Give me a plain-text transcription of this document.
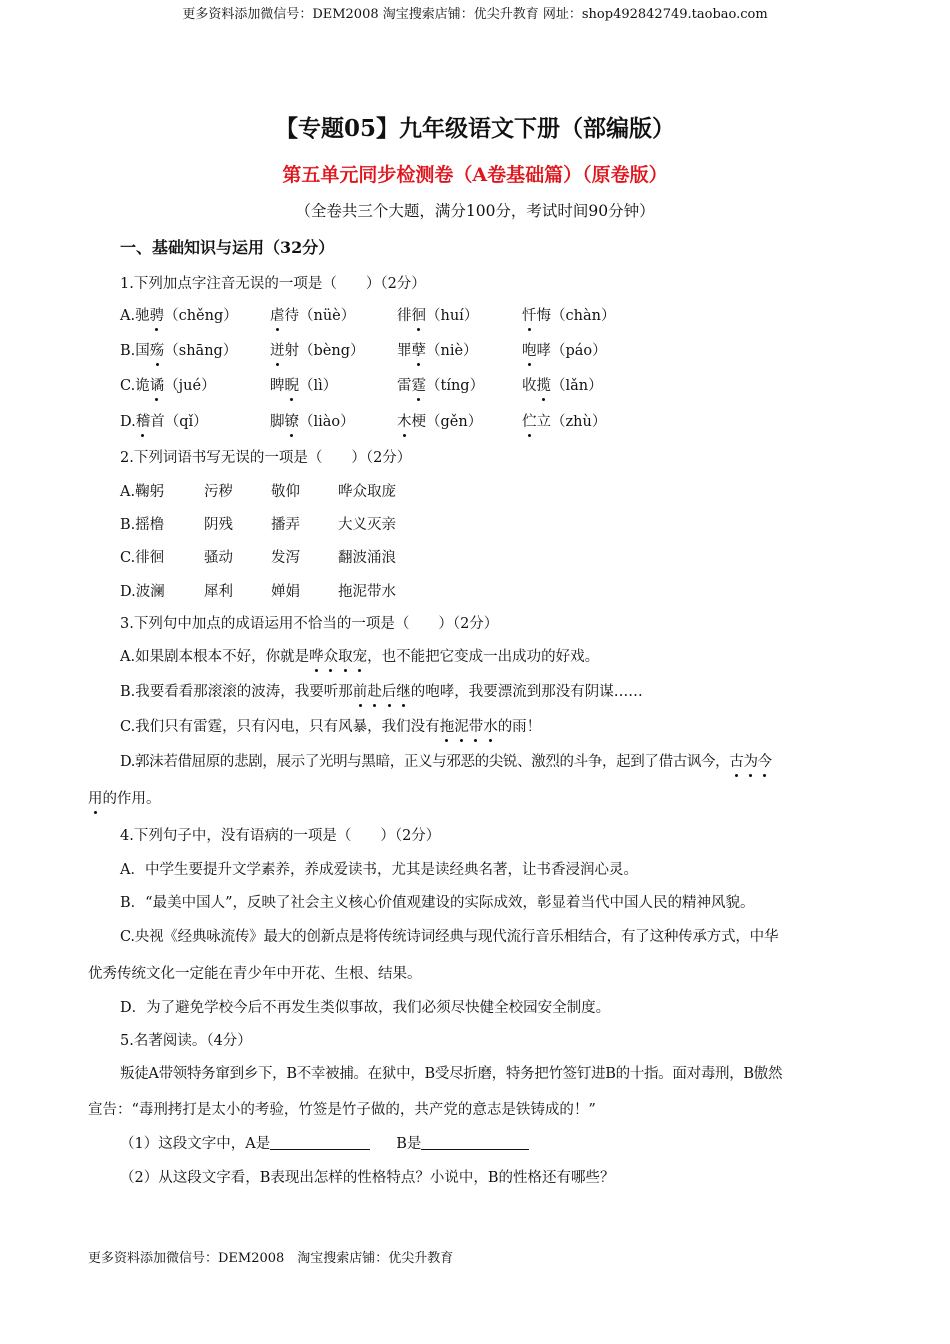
更多资料添加微信号：DEM2008 淘宝搜索店铺：优尖升教育 网址：shop492842749.taobao.com
【专题05】九年级语文下册（部编版）
第五单元同步检测卷（A卷基础篇）（原卷版）
（全卷共三个大题，满分100分，考试时间90分钟）
一、基础知识与运用（32分）
1.下列加点字注音无误的一项是（　　）（2分）
A.驰骋（chěng） 虐待（nüè）	徘徊（huí）	忏悔（chàn）
B.国殇（shāng） 迸射（bèng） 罪孽（niè）	咆哮（páo）
C.诡谲（jué）	睥睨（lì）	雷霆（tíng）	收揽（lǎn）
D.稽首（qǐ）	脚镣（liào）	木梗（gěn）	伫立（zhù）
2.下列词语书写无误的一项是（　　）（2分）
A.鞠躬	污秽	敬仰	哗众取庞
B.摇橹	阴残	播弄	大义灭亲
C.徘徊	骚动	发泻	翻波涌浪
D.波澜	犀利	婵娟	拖泥带水
3.下列句中加点的成语运用不恰当的一项是（　　）（2分）
A.如果剧本根本不好，你就是哗众取宠，也不能把它变成一出成功的好戏。
B.我要看看那滚滚的波涛，我要听那前赴后继的咆哮，我要漂流到那没有阴谋……
C.我们只有雷霆，只有闪电，只有风暴，我们没有拖泥带水的雨！
D.郭沫若借屈原的悲剧，展示了光明与黑暗，正义与邪恶的尖锐、激烈的斗争，起到了借古讽今，古为今
用的作用。
4.下列句子中，没有语病的一项是（　　）（2分）
A．中学生要提升文学素养，养成爱读书，尤其是读经典名著，让书香浸润心灵。
B．“最美中国人”，反映了社会主义核心价值观建设的实际成效，彰显着当代中国人民的精神风貌。
C.央视《经典咏流传》最大的创新点是将传统诗词经典与现代流行音乐相结合，有了这种传承方式，中华
优秀传统文化一定能在青少年中开花、生根、结果。
D．为了避免学校今后不再发生类似事故，我们必须尽快健全校园安全制度。
5.名著阅读。（4分）
叛徒A带领特务窜到乡下，B不幸被捕。在狱中，B受尽折磨，特务把竹签钉进B的十指。面对毒刑，B傲然
宣告：“毒刑拷打是太小的考验，竹签是竹子做的，共产党的意志是铁铸成的！”
（1）这段文字中，A是	B是
（2）从这段文字看，B表现出怎样的性格特点？小说中，B的性格还有哪些？
更多资料添加微信号：DEM2008　淘宝搜索店铺：优尖升教育
